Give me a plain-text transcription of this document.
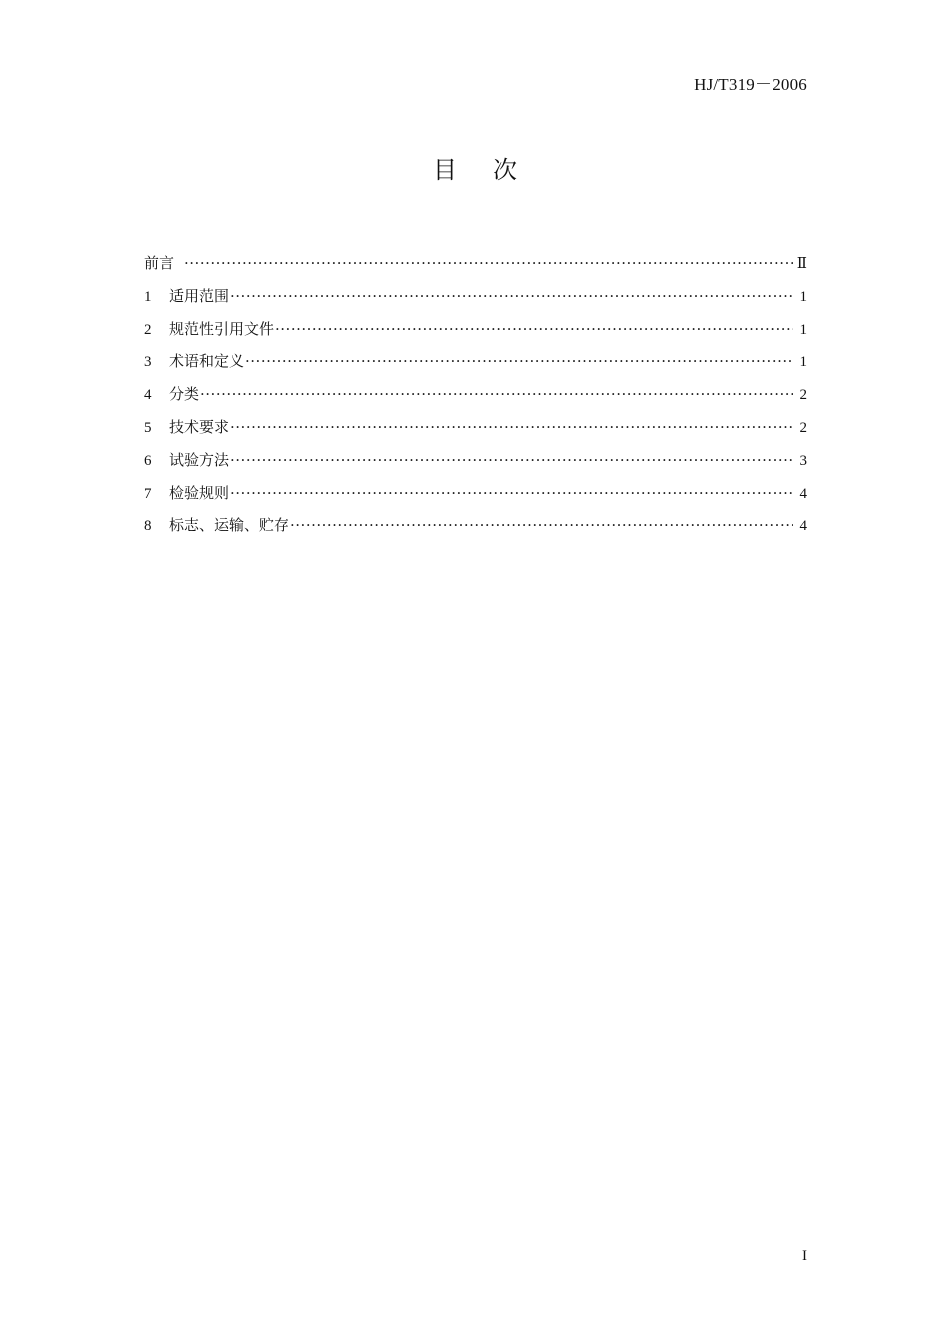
HJ/T319－2006
目次
前言 ·····	Ⅱ
1	适用范围 ·····	1
2	规范性引用文件 ·····	1
3	术语和定义 ·····	1
4	分类 ·····	2
5	技术要求 ·····	2
6	试验方法 ·····	3
7	检验规则 ·····	4
8	标志、运输、贮存 ·····	4
I
